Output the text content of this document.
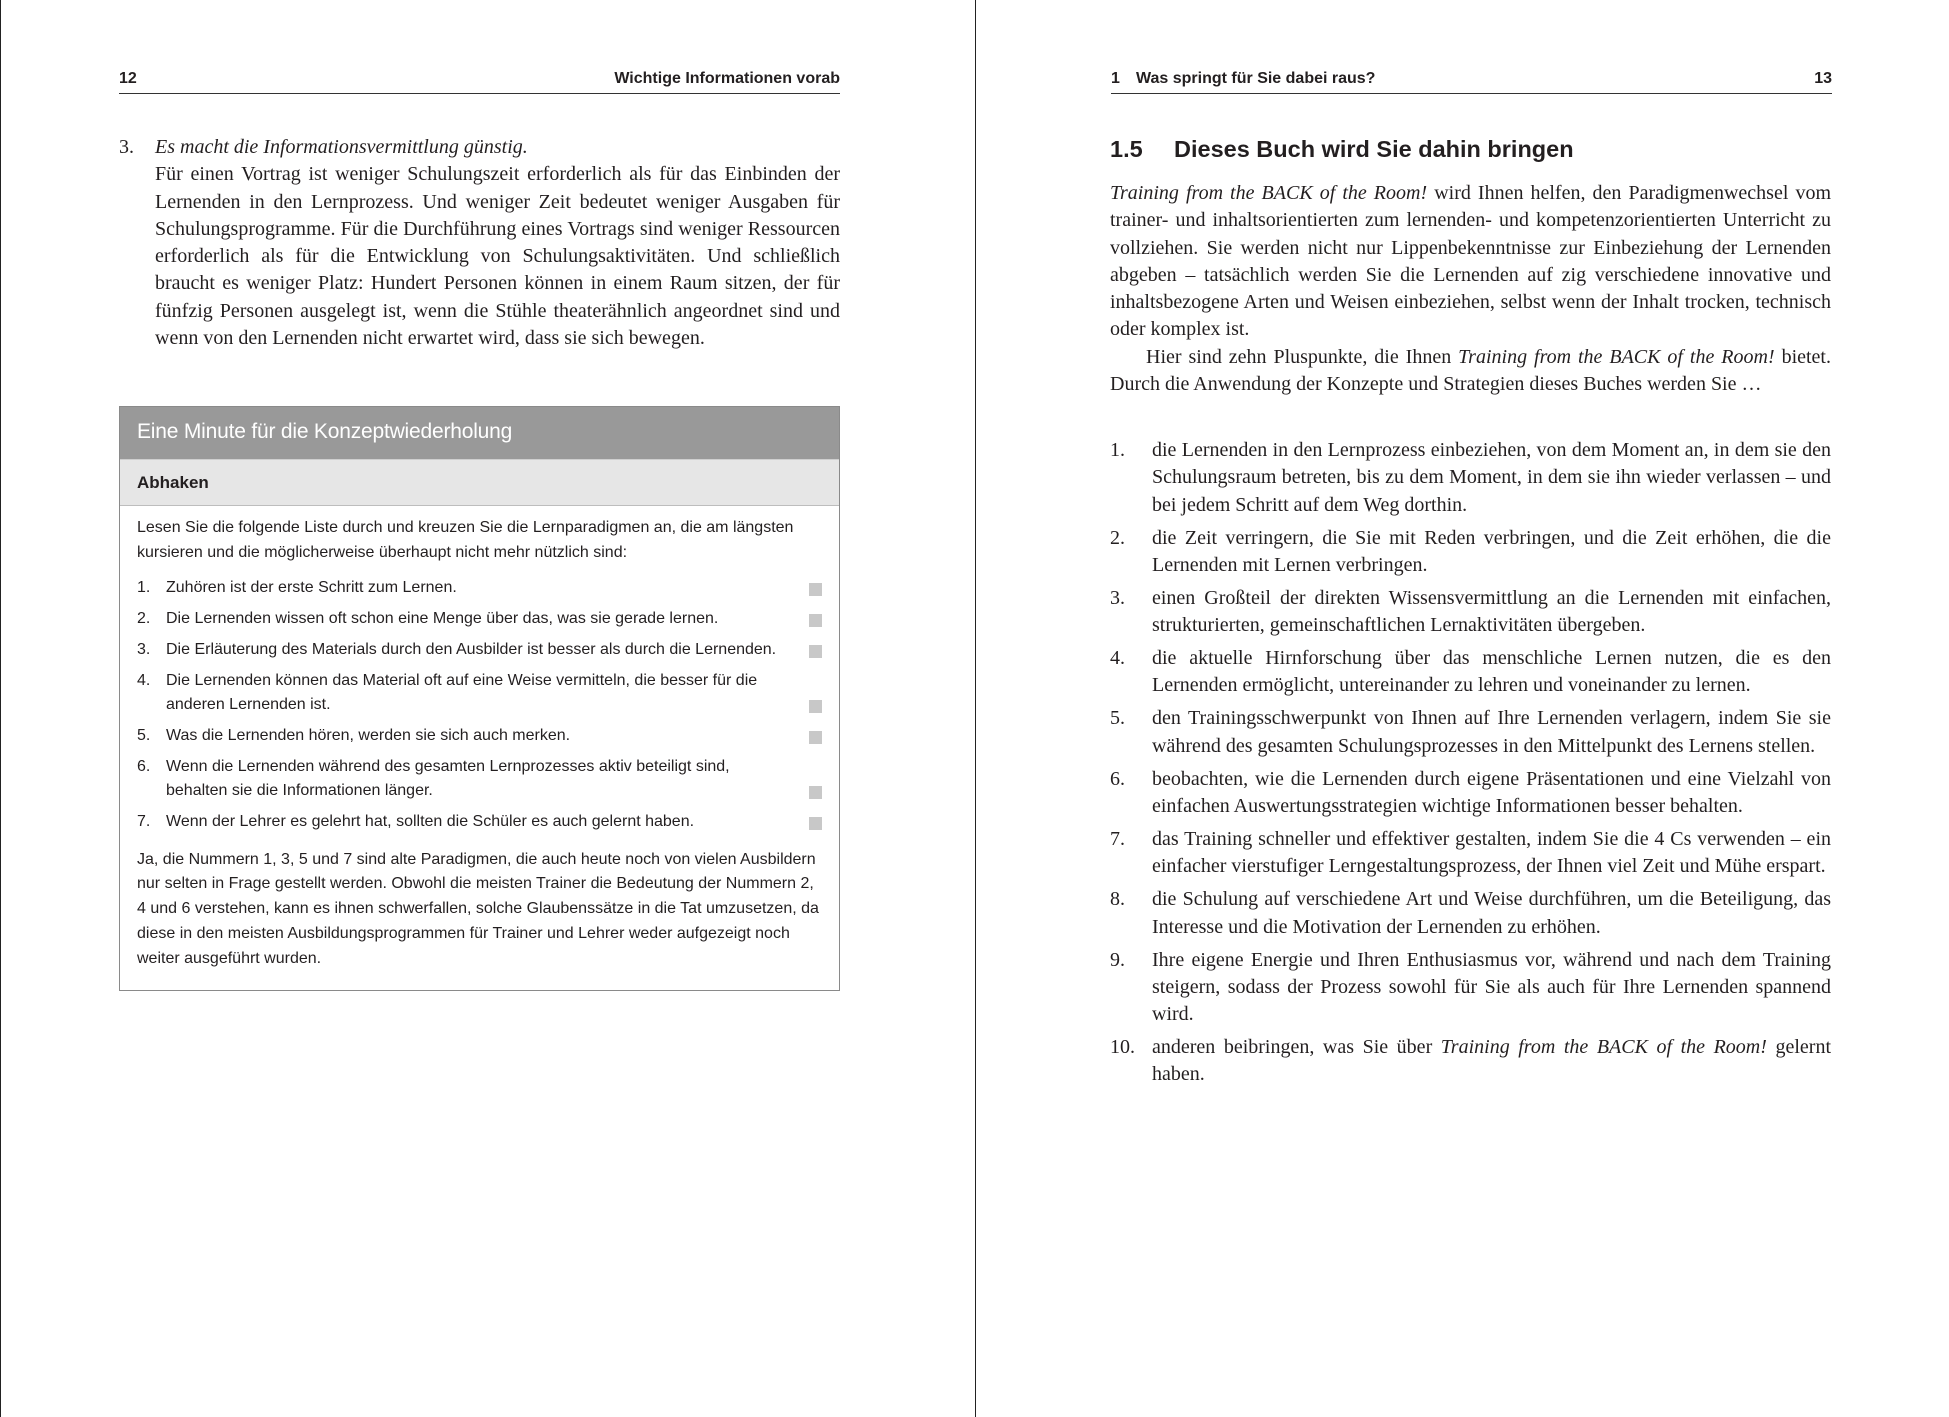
12	Wichtige Informationen vorab
3. Es macht die Informationsvermittlung günstig.
Für einen Vortrag ist weniger Schulungszeit erforderlich als für das Einbinden der Lernenden in den Lernprozess. Und weniger Zeit bedeutet weniger Ausgaben für Schulungsprogramme. Für die Durchführung eines Vortrags sind weniger Ressourcen erforderlich als für die Entwicklung von Schulungsaktivitäten. Und schließlich braucht es weniger Platz: Hundert Personen können in einem Raum sitzen, der für fünfzig Personen ausgelegt ist, wenn die Stühle theaterähnlich angeordnet sind und wenn von den Lernenden nicht erwartet wird, dass sie sich bewegen.
Eine Minute für die Konzeptwiederholung
Abhaken

Lesen Sie die folgende Liste durch und kreuzen Sie die Lernparadigmen an, die am längsten kursieren und die möglicherweise überhaupt nicht mehr nützlich sind:

1. Zuhören ist der erste Schritt zum Lernen.
2. Die Lernenden wissen oft schon eine Menge über das, was sie gerade lernen.
3. Die Erläuterung des Materials durch den Ausbilder ist besser als durch die Lernenden.
4. Die Lernenden können das Material oft auf eine Weise vermitteln, die besser für die anderen Lernenden ist.
5. Was die Lernenden hören, werden sie sich auch merken.
6. Wenn die Lernenden während des gesamten Lernprozesses aktiv beteiligt sind, behalten sie die Informationen länger.
7. Wenn der Lehrer es gelehrt hat, sollten die Schüler es auch gelernt haben.

Ja, die Nummern 1, 3, 5 und 7 sind alte Paradigmen, die auch heute noch von vielen Ausbildern nur selten in Frage gestellt werden. Obwohl die meisten Trainer die Bedeutung der Nummern 2, 4 und 6 verstehen, kann es ihnen schwerfallen, solche Glaubenssätze in die Tat umzusetzen, da diese in den meisten Ausbildungsprogrammen für Trainer und Lehrer weder aufgezeigt noch weiter ausgeführt wurden.

1 Was springt für Sie dabei raus?	13
1.5 Dieses Buch wird Sie dahin bringen

Training from the BACK of the Room! wird Ihnen helfen, den Paradigmenwechsel vom trainer- und inhaltsorientierten zum lernenden- und kompetenzorientierten Unterricht zu vollziehen. Sie werden nicht nur Lippenbekenntnisse zur Einbeziehung der Lernenden abgeben – tatsächlich werden Sie die Lernenden auf zig verschiedene innovative und inhaltsbezogene Arten und Weisen einbeziehen, selbst wenn der Inhalt trocken, technisch oder komplex ist.

Hier sind zehn Pluspunkte, die Ihnen Training from the BACK of the Room! bietet. Durch die Anwendung der Konzepte und Strategien dieses Buches werden Sie …

1. die Lernenden in den Lernprozess einbeziehen, von dem Moment an, in dem sie den Schulungsraum betreten, bis zu dem Moment, in dem sie ihn wieder verlassen – und bei jedem Schritt auf dem Weg dorthin.
2. die Zeit verringern, die Sie mit Reden verbringen, und die Zeit erhöhen, die die Lernenden mit Lernen verbringen.
3. einen Großteil der direkten Wissensvermittlung an die Lernenden mit einfachen, strukturierten, gemeinschaftlichen Lernaktivitäten übergeben.
4. die aktuelle Hirnforschung über das menschliche Lernen nutzen, die es den Lernenden ermöglicht, untereinander zu lehren und voneinander zu lernen.
5. den Trainingsschwerpunkt von Ihnen auf Ihre Lernenden verlagern, indem Sie sie während des gesamten Schulungsprozesses in den Mittelpunkt des Lernens stellen.
6. beobachten, wie die Lernenden durch eigene Präsentationen und eine Vielzahl von einfachen Auswertungsstrategien wichtige Informationen besser behalten.
7. das Training schneller und effektiver gestalten, indem Sie die 4 Cs verwenden – ein einfacher vierstufiger Lerngestaltungsprozess, der Ihnen viel Zeit und Mühe erspart.
8. die Schulung auf verschiedene Art und Weise durchführen, um die Beteiligung, das Interesse und die Motivation der Lernenden zu erhöhen.
9. Ihre eigene Energie und Ihren Enthusiasmus vor, während und nach dem Training steigern, sodass der Prozess sowohl für Sie als auch für Ihre Lernenden spannend wird.
10. anderen beibringen, was Sie über Training from the BACK of the Room! gelernt haben.
